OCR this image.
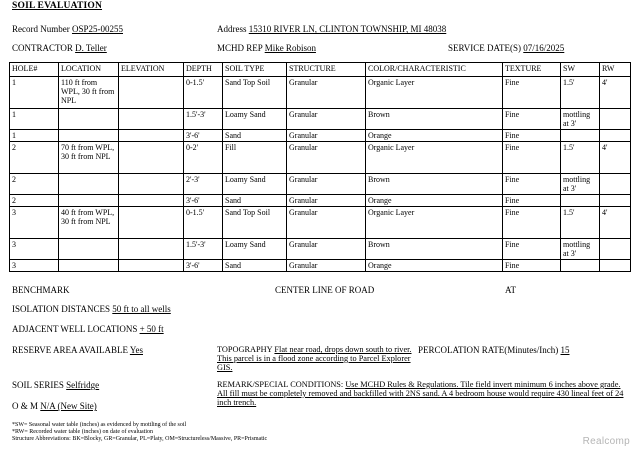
SOIL EVALUATION
Record Number OSP25-00255	Address 15310 RIVER LN, CLINTON TOWNSHIP, MI 48038
CONTRACTOR D. Teller	MCHD REP Mike Robison	SERVICE DATE(S) 07/16/2025
HOLE#	LOCATION	ELEVATION	DEPTH	SOIL TYPE	STRUCTURE	COLOR/CHARACTERISTIC	TEXTURE	SW	RW
1	110 ft from WPL, 30 ft from NPL		0-1.5'	Sand Top Soil	Granular	Organic Layer	Fine	1.5'	4'
1			1.5'-3'	Loamy Sand	Granular	Brown	Fine	mottling at 3'	
1			3'-6'	Sand	Granular	Orange	Fine		
2	70 ft from WPL, 30 ft from NPL		0-2'	Fill	Granular	Organic Layer	Fine	1.5'	4'
2			2'-3'	Loamy Sand	Granular	Brown	Fine	mottling at 3'	
2			3'-6'	Sand	Granular	Orange	Fine		
3	40 ft from WPL, 30 ft from NPL		0-1.5'	Sand Top Soil	Granular	Organic Layer	Fine	1.5'	4'
3			1.5'-3'	Loamy Sand	Granular	Brown	Fine	mottling at 3'	
3			3'-6'	Sand	Granular	Orange	Fine		
BENCHMARK	CENTER LINE OF ROAD	AT
ISOLATION DISTANCES 50 ft to all wells
ADJACENT WELL LOCATIONS + 50 ft
RESERVE AREA AVAILABLE Yes	TOPOGRAPHY Flat near road, drops down south to river. This parcel is in a flood zone according to Parcel Explorer GIS.
PERCOLATION RATE(Minutes/Inch) 15
SOIL SERIES Selfridge	REMARK/SPECIAL CONDITIONS: Use MCHD Rules & Regulations. Tile field invert minimum 6 inches above grade. All fill must be completely removed and backfilled with 2NS sand. A 4 bedroom house would require 430 lineal feet of 24 inch trench.
O & M N/A (New Site)
*SW= Seasonal water table (inches) as evidenced by mottling of the soil
*RW= Recorded water table (inches) on date of evaluation
Structure Abbreviations: BK=Blocky, GR=Granular, PL=Platy, OM=Structureless/Massive, PR=Prismatic	Realcomp
